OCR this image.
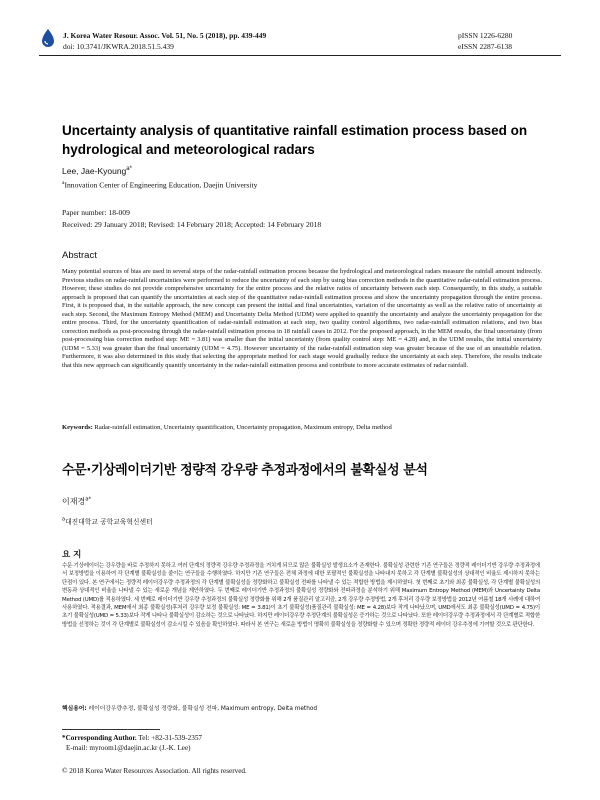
J. Korea Water Resour. Assoc. Vol. 51, No. 5 (2018), pp. 439-449
doi: 10.3741/JKWRA.2018.51.5.439
pISSN 1226-6280
eISSN 2287-6138
Uncertainty analysis of quantitative rainfall estimation process based on hydrological and meteorological radars
Lee, Jae-Kyoung$^{a*}$
$^a$Innovation Center of Engineering Education, Daejin University
Paper number: 18-009
Received: 29 January 2018; Revised: 14 February 2018; Accepted: 14 February 2018
Abstract
Many potential sources of bias are used in several steps of the radar-rainfall estimation process because the hydrological and meteorological radars measure the rainfall amount indirectly. Previous studies on radar-rainfall uncertainties were performed to reduce the uncertainty of each step by using bias correction methods in the quantitative radar-rainfall estimation process. However, these studies do not provide comprehensive uncertainty for the entire process and the relative ratios of uncertainty between each step. Consequently, in this study, a suitable approach is proposed that can quantify the uncertainties at each step of the quantitative radar-rainfall estimation process and show the uncertainty propagation through the entire process. First, it is proposed that, in the suitable approach, the new concept can present the initial and final uncertainties, variation of the uncertainty as well as the relative ratio of uncertainty at each step. Second, the Maximum Entropy Method (MEM) and Uncertainty Delta Method (UDM) were applied to quantify the uncertainty and analyze the uncertainty propagation for the entire process. Third, for the uncertainty quantification of radar-rainfall estimation at each step, two quality control algorithms, two radar-rainfall estimation relations, and two bias correction methods as post-processing through the radar-rainfall estimation process in 18 rainfall cases in 2012. For the proposed approach, in the MEM results, the final uncertainty (from post-processing bias correction method step: ME = 3.81) was smaller than the initial uncertainty (from quality control step: ME = 4.28) and, in the UDM results, the initial uncertainty (UDM = 5.33) was greater than the final uncertainty (UDM = 4.75). However uncertainty of the radar-rainfall estimation step was greater because of the use of an unsuitable relation. Furthermore, it was also determined in this study that selecting the appropriate method for each stage would gradually reduce the uncertainty at each step. Therefore, the results indicate that this new approach can significantly quantify uncertainty in the radar-rainfall estimation process and contribute to more accurate estimates of radar rainfall.
Keywords: Radar-rainfall estimation, Uncertainty quantification, Uncertainty propagation, Maximum entropy, Delta method
수문·기상레이더기반 정량적 강우량 추정과정에서의 불확실성 분석
이재경$^{a*}$
$^a$대진대학교 공학교육혁신센터
요 지
수문·기상레이더는 강우량을 바로 추정하지 못하고 여러 단계의 정량적 강우량 추정과정을 거치게 되므로 많은 불확실성 발생요소가 존재한다. 불확실성 관련한 기존 연구들은 정량적 레이더기반 강우량 추정과정에서 보정방법을 이용하여 각 단계별 불확실성을 줄이는 연구들을 수행하였다. 하지만 기존 연구들은 전체 과정에 대한 포괄적인 불확실성을 나타내지 못하고 각 단계별 불확실성의 상대적인 비율도 제시하지 못하는 단점이 있다. 본 연구에서는 정량적 레이더강우량 추정과정의 각 단계별 불확실성을 정량화하고 불확실성 전파를 나타낼 수 있는 적합한 방법을 제시하였다. 첫 번째로 초기와 최종 불확실성, 각 단계별 불확실성의 변동과 상대적인 비율을 나타낼 수 있는 새로운 개념을 제안하였다. 두 번째로 레이더기반 추정과정의 불확실성 정량화와 전파과정을 분석하기 위해 Maximum Entropy Method (MEM)와 Uncertainty Delta Method (UMD)를 적용하였다. 세 번째로 레이더기반 강우량 추정과정의 불확실성 정량화를 위해 2개 품질관리 알고리즘, 2개 강우량 추정방법, 2개 후처리 강우량 보정방법을 2012년 여름철 18개 사례에 대하여 사용하였다. 적용결과, MEM에서 최종 불확실성(후처리 강우량 보정 불확실성: ME = 3.81)이 초기 불확실성(품질관리 불확실성: ME = 4.28)보다 작게 나타났으며, UMD에서도 최종 불확실성(UMD = 4.75)이 초기 불확실성(UMD = 5.33)보다 작게 나타나 불확실성이 감소하는 것으로 나타났다. 하지만 레이더강우량 추정단계의 불확실성은 증가하는 것으로 나타났다. 또한 레이더강우량 추정과정에서 각 단계별로 적합한 방법을 선정하는 것이 각 단계별로 불확실성이 감소시킬 수 있음을 확인하였다. 따라서 본 연구는 새로운 방법이 명확히 불확실성을 정량화할 수 있으며 정확한 정량적 레이더 강우추정에 기여할 것으로 판단한다.
핵심용어: 레이더강우량추정, 불확실성 정량화, 불확실성 전파, Maximum entropy, Delta method
*Corresponding Author. Tel: +82-31-539-2357
E-mail: myroom1@daejin.ac.kr (J.-K. Lee)
© 2018 Korea Water Resources Association. All rights reserved.
